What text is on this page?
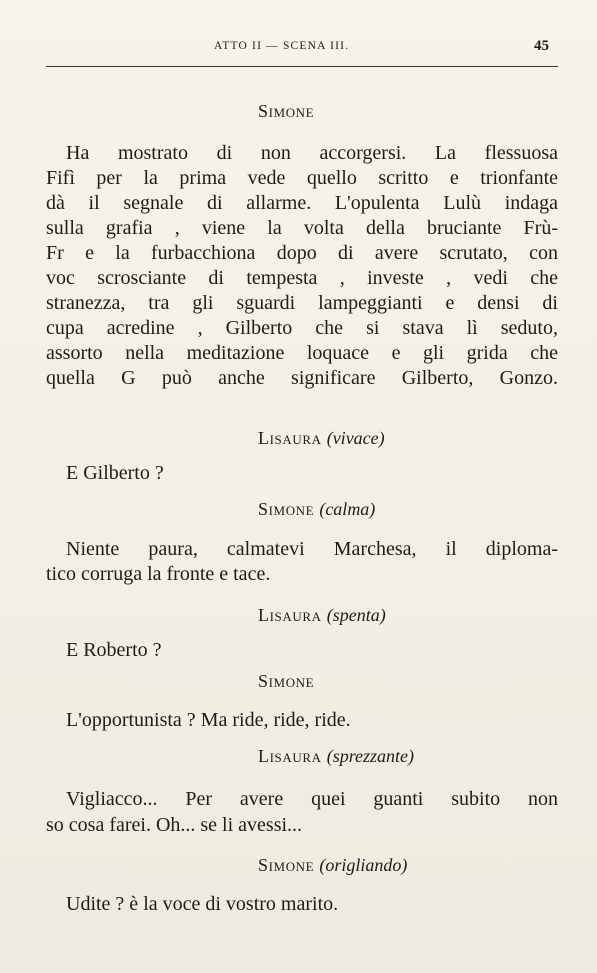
ATTO II — SCENA III.	45
Simone
Ha mostrato di non accorgersi. La flessuosa
Fifì per la prima vede quello scritto e trionfante
dà il segnale di allarme. L'opulenta Lulù indaga
sulla grafia , viene la volta della bruciante Frù-
Fr e la furbacchiona dopo di avere scrutato, con
voc scrosciante di tempesta , investe , vedi che
stranezza, tra gli sguardi lampeggianti e densi di
cupa acredine , Gilberto che si stava lì seduto,
assorto nella meditazione loquace e gli grida che
quella G può anche significare Gilberto, Gonzo.
Lisaura (vivace)
E Gilberto ?
Simone (calma)
Niente paura, calmatevi Marchesa, il diploma-
tico corruga la fronte e tace.
Lisaura (spenta)
E Roberto ?
Simone
L'opportunista ? Ma ride, ride, ride.
Lisaura (sprezzante)
Vigliacco... Per avere quei guanti subito non
so cosa farei. Oh... se li avessi...
Simone (origliando)
Udite ? è la voce di vostro marito.
